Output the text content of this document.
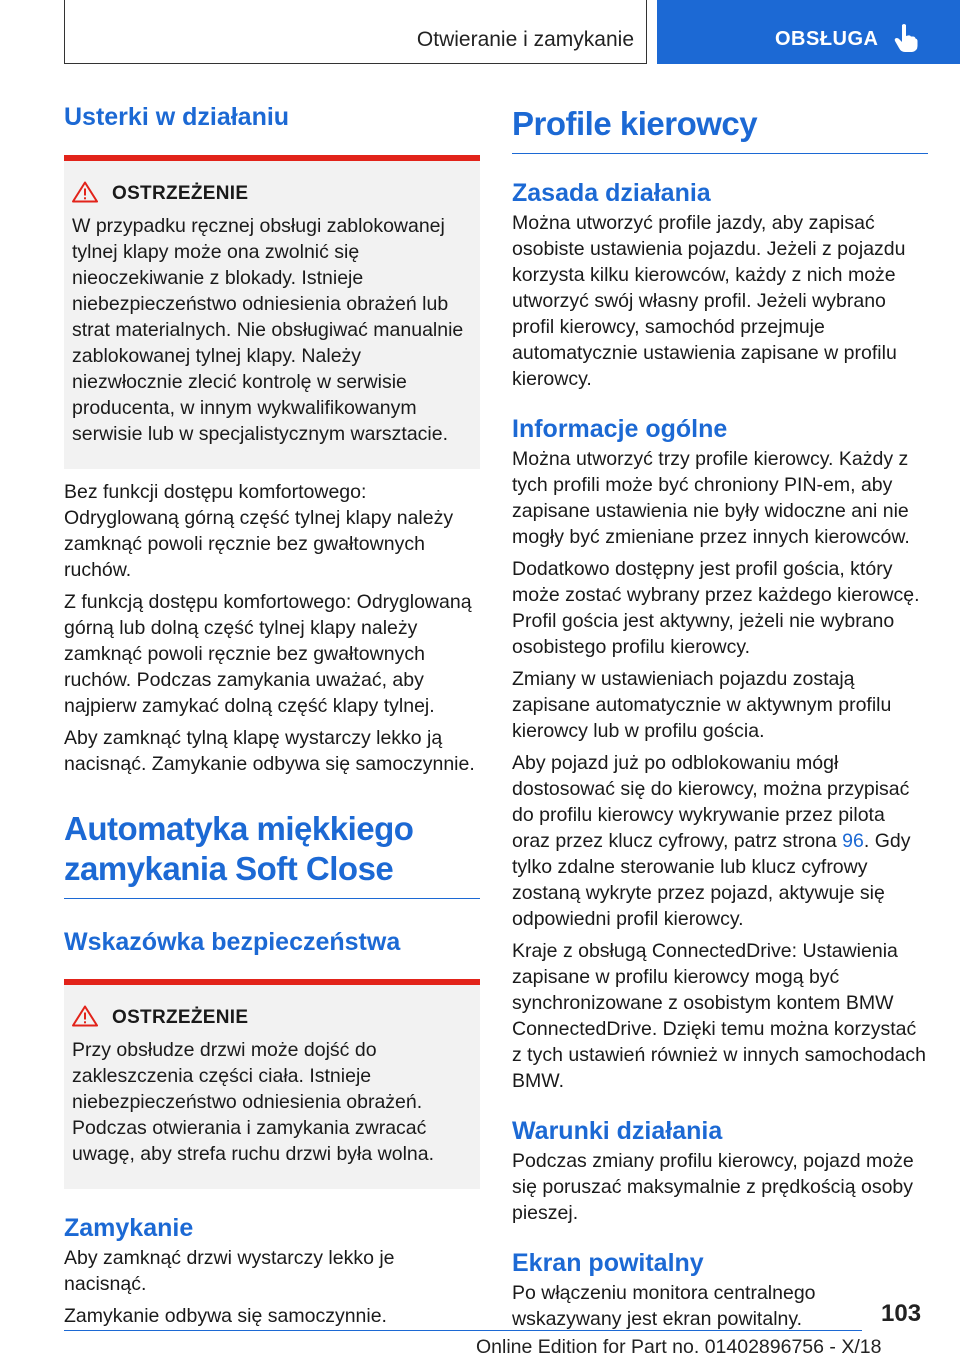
Otwieranie i zamykanie	OBSŁUGA
Usterki w działaniu
OSTRZEŻENIE

W przypadku ręcznej obsługi zablokowanej tylnej klapy może ona zwolnić się nieoczekiwanie z blokady. Istnieje niebezpieczeństwo odniesienia obrażeń lub strat materialnych. Nie obsługiwać manualnie zablokowanej tylnej klapy. Należy niezwłocznie zlecić kontrolę w serwisie producenta, w innym wykwalifikowanym serwisie lub w specjalistycznym warsztacie.

Bez funkcji dostępu komfortowego: Odryglowaną górną część tylnej klapy należy zamknąć powoli ręcznie bez gwałtownych ruchów.

Z funkcją dostępu komfortowego: Odryglowaną górną lub dolną część tylnej klapy należy zamknąć powoli ręcznie bez gwałtownych ruchów. Podczas zamykania uważać, aby najpierw zamykać dolną część klapy tylnej.

Aby zamknąć tylną klapę wystarczy lekko ją nacisnąć. Zamykanie odbywa się samoczynnie.

Automatyka miękkiego zamykania Soft Close
Wskazówka bezpieczeństwa
OSTRZEŻENIE

Przy obsłudze drzwi może dojść do zakleszczenia części ciała. Istnieje niebezpieczeństwo odniesienia obrażeń. Podczas otwierania i zamykania zwracać uwagę, aby strefa ruchu drzwi była wolna.

Zamykanie

Aby zamknąć drzwi wystarczy lekko je nacisnąć.

Zamykanie odbywa się samoczynnie.

Profile kierowcy
Zasada działania

Można utworzyć profile jazdy, aby zapisać osobiste ustawienia pojazdu. Jeżeli z pojazdu korzysta kilku kierowców, każdy z nich może utworzyć swój własny profil. Jeżeli wybrano profil kierowcy, samochód przejmuje automatycznie ustawienia zapisane w profilu kierowcy.

Informacje ogólne

Można utworzyć trzy profile kierowcy. Każdy z tych profili może być chroniony PIN-em, aby zapisane ustawienia nie były widoczne ani nie mogły być zmieniane przez innych kierowców.

Dodatkowo dostępny jest profil gościa, który może zostać wybrany przez każdego kierowcę. Profil gościa jest aktywny, jeżeli nie wybrano osobistego profilu kierowcy.

Zmiany w ustawieniach pojazdu zostają zapisane automatycznie w aktywnym profilu kierowcy lub w profilu gościa.

Aby pojazd już po odblokowaniu mógł dostosować się do kierowcy, można przypisać do profilu kierowcy wykrywanie przez pilota oraz przez klucz cyfrowy, patrz strona 96. Gdy tylko zdalne sterowanie lub klucz cyfrowy zostaną wykryte przez pojazd, aktywuje się odpowiedni profil kierowcy.

Kraje z obsługą ConnectedDrive: Ustawienia zapisane w profilu kierowcy mogą być synchronizowane z osobistym kontem BMW ConnectedDrive. Dzięki temu można korzystać z tych ustawień również w innych samochodach BMW.

Warunki działania

Podczas zmiany profilu kierowcy, pojazd może się poruszać maksymalnie z prędkością osoby pieszej.

Ekran powitalny

Po włączeniu monitora centralnego wskazywany jest ekran powitalny.	103
Online Edition for Part no. 01402896756 - X/18
